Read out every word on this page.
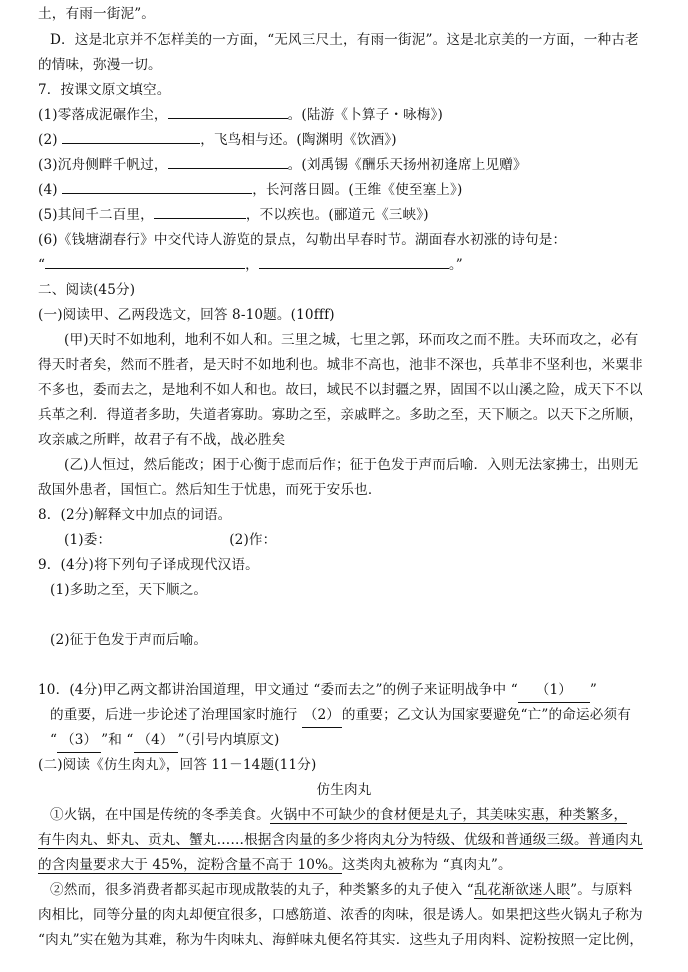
土，有雨一街泥”。
D．这是北京并不怎样美的一方面，“无风三尺土，有雨一街泥”。这是北京美的一方面，一种古老
的情味，弥漫一切。
7．按课文原文填空。
(1)零落成泥碾作尘，	。(陆游《卜算子・咏梅》)
(2)	，飞鸟相与还。(陶渊明《饮酒》)
(3)沉舟侧畔千帆过，	。(刘禹锡《酬乐天扬州初逢席上见赠》
(4)	，长河落日圆。(王维《使至塞上》)
(5)其间千二百里，	，不以疾也。(郦道元《三峡》)
(6)《钱塘湖春行》中交代诗人游览的景点，勾勒出早春时节。湖面春水初涨的诗句是：
“	，	。”
二、阅读(45分)
(一)阅读甲、乙两段选文，回答 8-10题。(10fff)
(甲)天时不如地利，地利不如人和。三里之城，七里之郭，环而攻之而不胜。夫环而攻之，必有
得天时者矣，然而不胜者，是天时不如地利也。城非不高也，池非不深也，兵革非不坚利也，米粟非
不多也，委而去之，是地利不如人和也。故曰，域民不以封疆之界，固国不以山溪之险，成天下不以
兵革之利．得道者多助，失道者寡助。寡助之至，亲戚畔之。多助之至，天下顺之。以天下之所顺，
攻亲戚之所畔，故君子有不战，战必胜矣
(乙)人恒过，然后能改；困于心衡于虑而后作；征于色发于声而后喻．入则无法家拂士，出则无
敌国外患者，国恒亡。然后知生于忧患，而死于安乐也．
8．(2分)解释文中加点的词语。
(1)委：	(2)作：
9．(4分)将下列句子译成现代汉语。
(1)多助之至，天下顺之。
(2)征于色发于声而后喻。
10．(4分)甲乙两文都讲治国道理，甲文通过 “委而去之”的例子来证明战争中 “ （1） ”
的重要，后进一步论述了治理国家时施行 （2） 的重要；乙文认为国家要避免“亡”的命运必须有
“ （3） ”和 “ （4） ”（引号内填原文)
(二)阅读《仿生肉丸》，回答 11－14题(11分)
仿生肉丸
①火锅，在中国是传统的冬季美食。火锅中不可缺少的食材便是丸子，其美味实惠，种类繁多，
有牛肉丸、虾丸、贡丸、蟹丸……根据含肉量的多少将肉丸分为特级、优级和普通级三级。普通肉丸
的含肉量要求大于 45%，淀粉含量不高于 10%。这类肉丸被称为 “真肉丸”。
②然而，很多消费者都买起市现成散装的丸子，种类繁多的丸子使入 “乱花渐欲迷人眼”。与原料
肉相比，同等分量的肉丸却便宜很多，口感筋道、浓香的肉味，很是诱人。如果把这些火锅丸子称为
“肉丸”实在勉为其难，称为牛肉味丸、海鲜味丸便名符其实．这些丸子用肉料、淀粉按照一定比例，
添加不超过国标安全限量的色素、香精、防腐剂和水分保持剂等食品添加剂调配而成。其中猪肉、牛
肉、羊肉、鸡肉、海鲜丸子的主料肉含量大于 10%，从食品加工二业方面看，这类风味丸子可以称
为 “仿生食品”。
③仿生食品是通过食品技术手段用普通食品原料和食品添加剂模拟天然食品的营养、风味和形状
而制成的食品，其不仅扩大了食物的多样性，提高了畜产品和海产资源的综合利用和经济效益，还通
